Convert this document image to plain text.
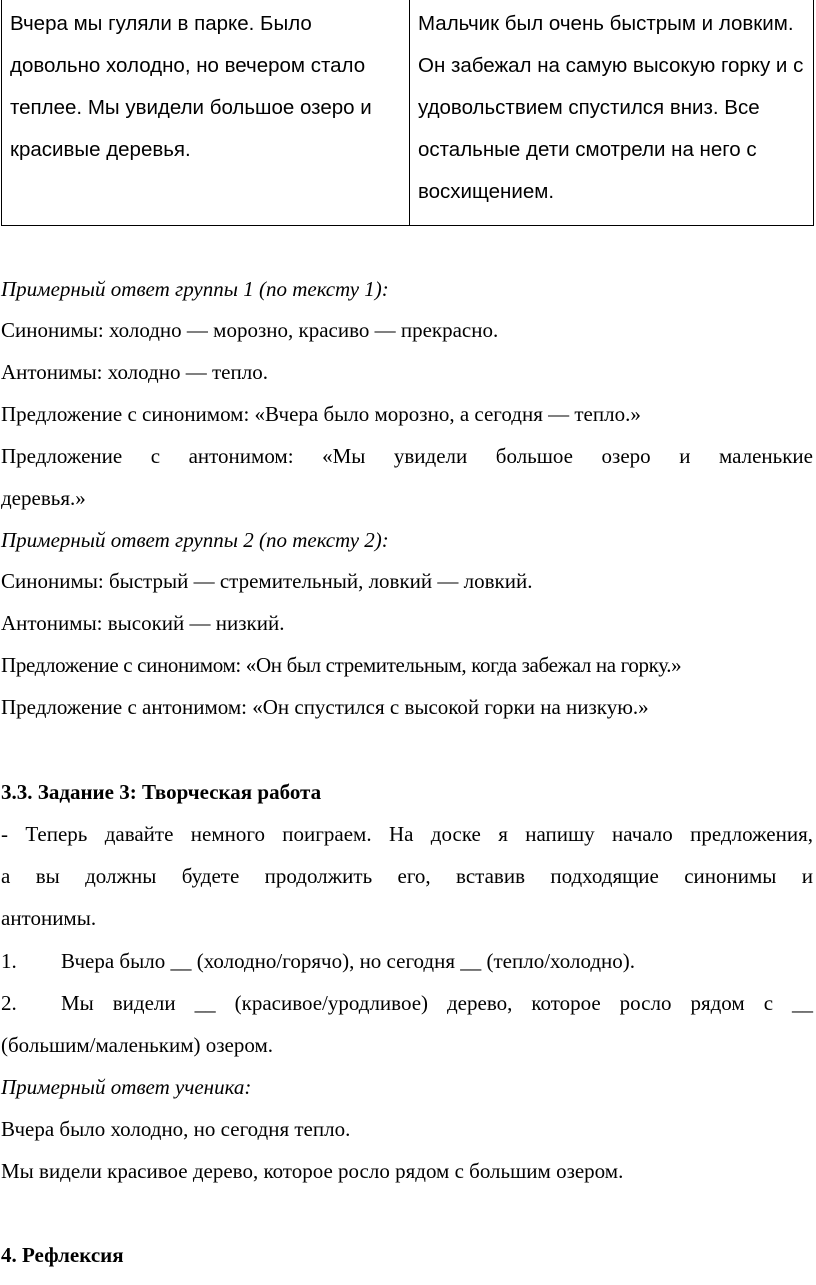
Вчера мы гуляли в парке. Было довольно холодно, но вечером стало теплее. Мы увидели большое озеро и красивые деревья.	Мальчик был очень быстрым и ловким. Он забежал на самую высокую горку и с удовольствием спустился вниз. Все остальные дети смотрели на него с восхищением.
Примерный ответ группы 1 (по тексту 1):
Синонимы: холодно — морозно, красиво — прекрасно.
Антонимы: холодно — тепло.
Предложение с синонимом: «Вчера было морозно, а сегодня — тепло.»
Предложение с антонимом: «Мы увидели большое озеро и маленькие
деревья.»
Примерный ответ группы 2 (по тексту 2):
Синонимы: быстрый — стремительный, ловкий — ловкий.
Антонимы: высокий — низкий.
Предложение с синонимом: «Он был стремительным, когда забежал на горку.»
Предложение с антонимом: «Он спустился с высокой горки на низкую.»
3.3. Задание 3: Творческая работа
- Теперь давайте немного поиграем. На доске я напишу начало предложения,
а вы должны будете продолжить его, вставив подходящие синонимы и
антонимы.
1. Вчера было __ (холодно/горячо), но сегодня __ (тепло/холодно).
2. Мы видели __ (красивое/уродливое) дерево, которое росло рядом с __
(большим/маленьким) озером.
Примерный ответ ученика:
Вчера было холодно, но сегодня тепло.
Мы видели красивое дерево, которое росло рядом с большим озером.
4. Рефлексия
